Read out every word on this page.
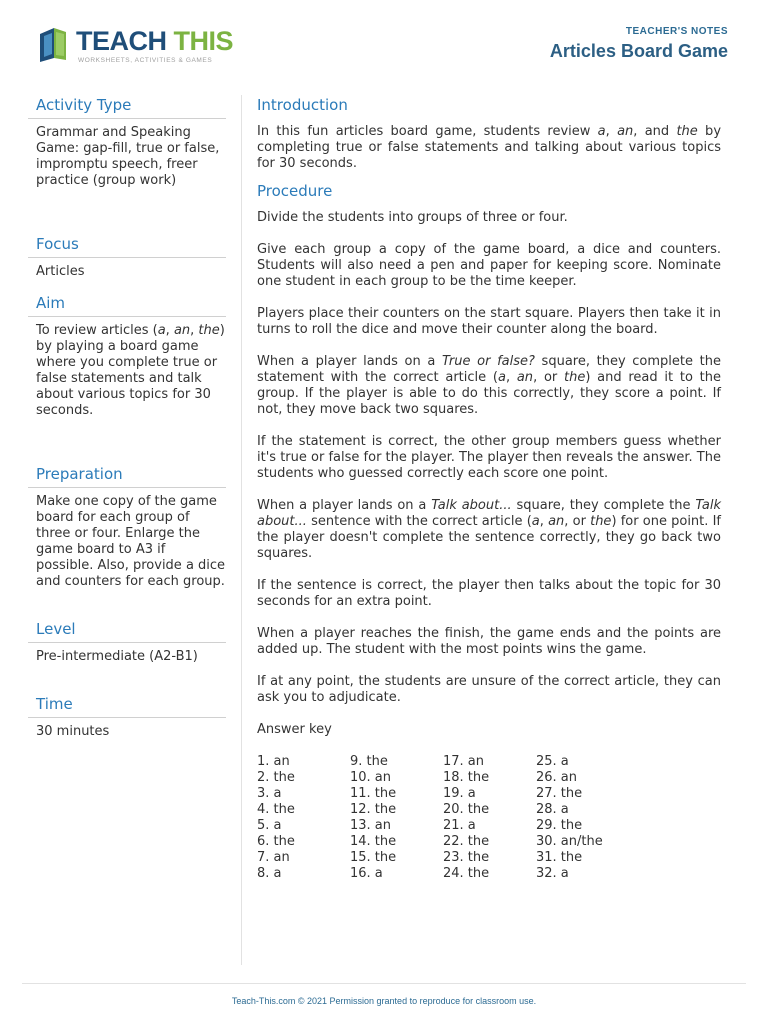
TEACH THIS
WORKSHEETS, ACTIVITIES & GAMES
TEACHER'S NOTES
Articles Board Game
Activity Type
Grammar and Speaking Game: gap-fill, true or false, impromptu speech, freer practice (group work)
Focus
Articles
Aim
To review articles (a, an, the) by playing a board game where you complete true or false statements and talk about various topics for 30 seconds.
Preparation
Make one copy of the game board for each group of three or four. Enlarge the game board to A3 if possible. Also, provide a dice and counters for each group.
Level
Pre-intermediate (A2-B1)
Time
30 minutes
Introduction

In this fun articles board game, students review a, an, and the by completing true or false statements and talking about various topics for 30 seconds.

Procedure

Divide the students into groups of three or four.

Give each group a copy of the game board, a dice and counters. Students will also need a pen and paper for keeping score. Nominate one student in each group to be the time keeper.

Players place their counters on the start square. Players then take it in turns to roll the dice and move their counter along the board.

When a player lands on a True or false? square, they complete the statement with the correct article (a, an, or the) and read it to the group. If the player is able to do this correctly, they score a point. If not, they move back two squares.

If the statement is correct, the other group members guess whether it's true or false for the player. The player then reveals the answer. The students who guessed correctly each score one point.

When a player lands on a Talk about... square, they complete the Talk about... sentence with the correct article (a, an, or the) for one point. If the player doesn't complete the sentence correctly, they go back two squares.

If the sentence is correct, the player then talks about the topic for 30 seconds for an extra point.

When a player reaches the finish, the game ends and the points are added up. The student with the most points wins the game.

If at any point, the students are unsure of the correct article, they can ask you to adjudicate.

Answer key
1. an
2. the
3. a
4. the
5. a
6. the
7. an
8. a
9. the
10. an
11. the
12. the
13. an
14. the
15. the
16. a
17. an
18. the
19. a
20. the
21. a
22. the
23. the
24. the
25. a
26. an
27. the
28. a
29. the
30. an/the
31. the
32. a
Teach-This.com © 2021 Permission granted to reproduce for classroom use.
